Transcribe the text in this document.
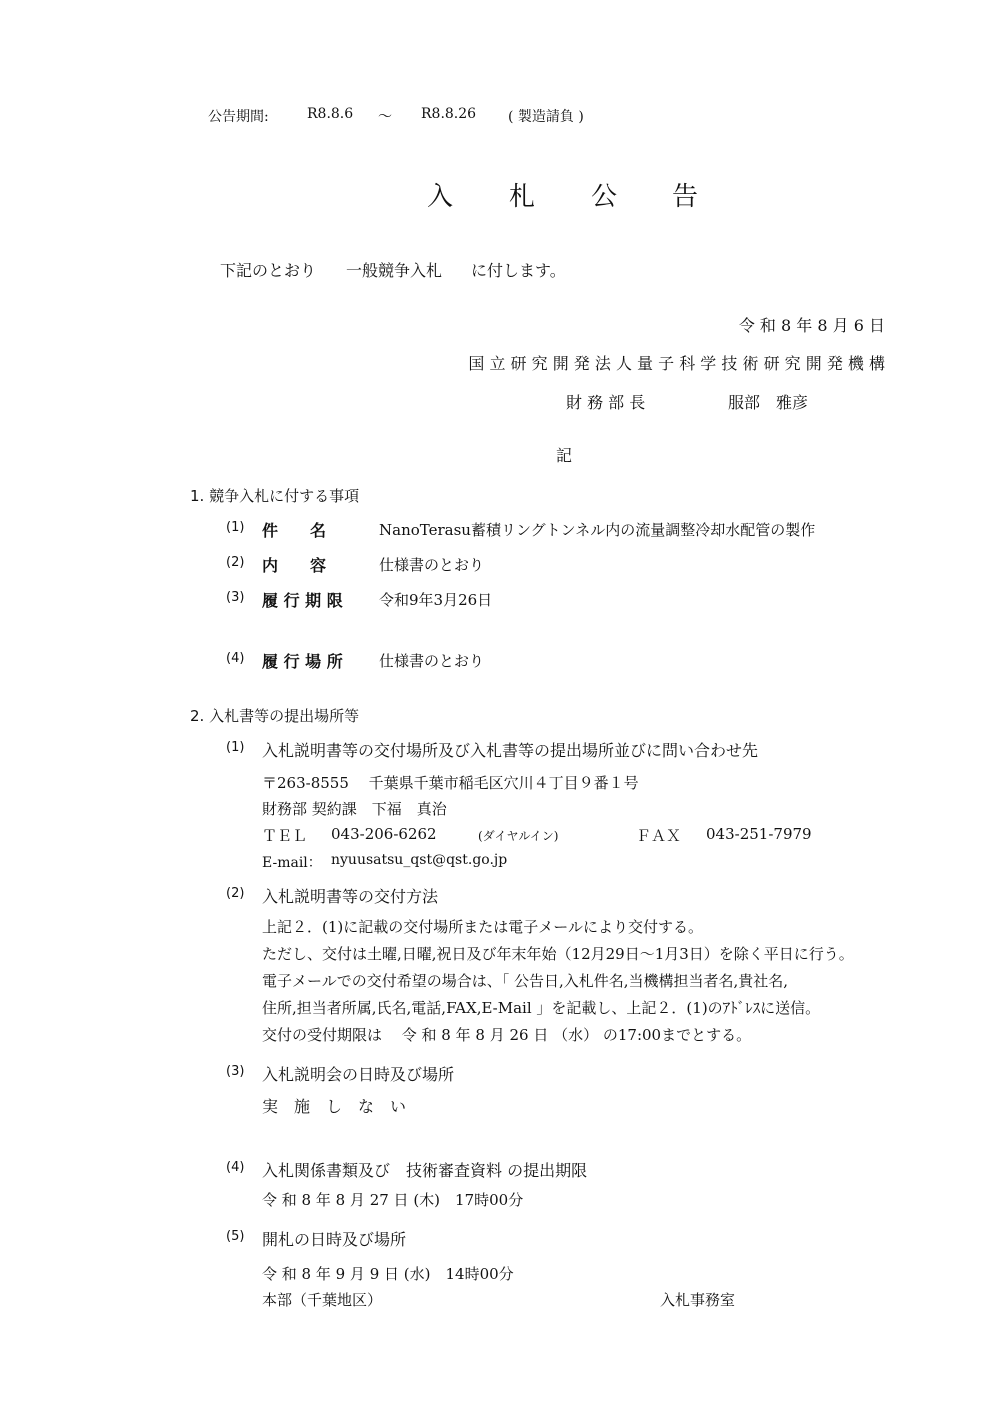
公告期間:	R8.8.6 ～ R8.8.26 ( 製造請負 )
入 札 公 告
下記のとおり 一般競争入札 に付します。
令 和 8 年 8 月 6 日
国 立 研 究 開 発 法 人 量 子 科 学 技 術 研 究 開 発 機 構
財 務 部 長	服部　雅彦
記
1. 競争入札に付する事項
(1) 件　　名	NanoTerasu蓄積リングトンネル内の流量調整冷却水配管の製作
(2) 内　　容	仕様書のとおり
(3) 履 行 期 限 令和9年3月26日
(4) 履 行 場 所 仕様書のとおり
2. 入札書等の提出場所等
(1) 入札説明書等の交付場所及び入札書等の提出場所並びに問い合わせ先
〒263-8555　 千葉県千葉市稲毛区穴川４丁目９番１号
財務部 契約課　下福　真治
ＴＥＬ 043-206-6262	(ダイヤルイン)	ＦＡＸ 043-251-7979
E-mail： nyuusatsu_qst@qst.go.jp
(2) 入札説明書等の交付方法
上記２．(1)に記載の交付場所または電子メールにより交付する。
ただし、交付は土曜,日曜,祝日及び年末年始（12月29日～1月3日）を除く平日に行う。
電子メールでの交付希望の場合は、「 公告日,入札件名,当機構担当者名,貴社名,
住所,担当者所属,氏名,電話,FAX,E-Mail 」を記載し、上記２．(1)のｱﾄﾞﾚｽに送信。
交付の受付期限は　 令 和 8 年 8 月 26 日 （水） の17:00までとする。
(3) 入札説明会の日時及び場所
実　施　し　な　い
(4) 入札関係書類及び　技術審査資料 の提出期限
令 和 8 年 8 月 27 日 (木)　17時00分
(5) 開札の日時及び場所
令 和 8 年 9 月 9 日 (水)　14時00分
本部（千葉地区）	入札事務室
